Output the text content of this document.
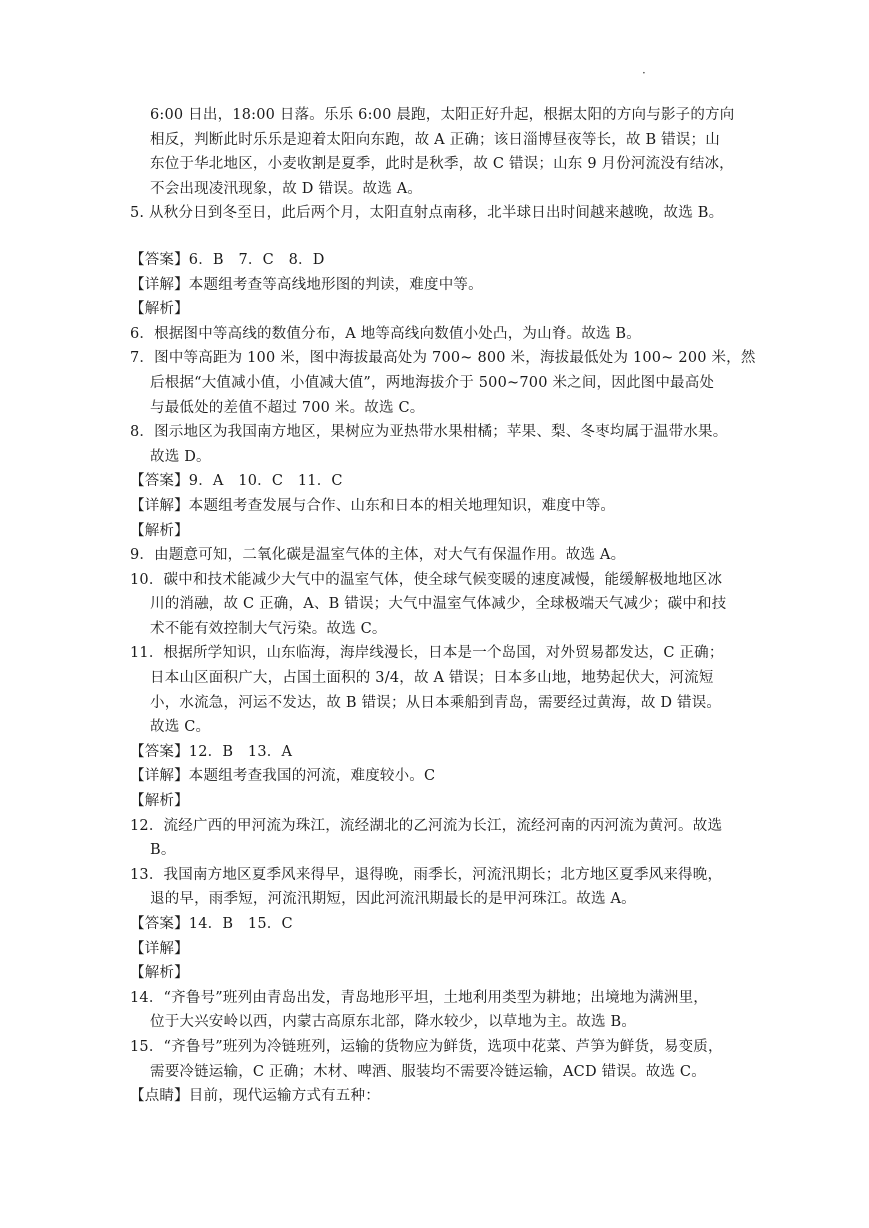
·
6:00 日出，18:00 日落。乐乐 6:00 晨跑，太阳正好升起，根据太阳的方向与影子的方向
相反，判断此时乐乐是迎着太阳向东跑，故 A 正确；该日淄博昼夜等长，故 B 错误；山
东位于华北地区，小麦收割是夏季，此时是秋季，故 C 错误；山东 9 月份河流没有结冰，
不会出现凌汛现象，故 D 错误。故选 A。
5. 从秋分日到冬至日，此后两个月，太阳直射点南移，北半球日出时间越来越晚，故选 B。
【答案】6．B　7．C　8．D
【详解】本题组考查等高线地形图的判读，难度中等。
【解析】
6．根据图中等高线的数值分布，A 地等高线向数值小处凸，为山脊。故选 B。
7．图中等高距为 100 米，图中海拔最高处为 700~ 800 米，海拔最低处为 100~ 200 米，然
后根据“大值减小值，小值减大值”，两地海拔介于 500~700 米之间，因此图中最高处
与最低处的差值不超过 700 米。故选 C。
8．图示地区为我国南方地区，果树应为亚热带水果柑橘；苹果、梨、冬枣均属于温带水果。
故选 D。
【答案】9．A　10．C　11．C
【详解】本题组考查发展与合作、山东和日本的相关地理知识，难度中等。
【解析】
9．由题意可知，二氧化碳是温室气体的主体，对大气有保温作用。故选 A。
10．碳中和技术能减少大气中的温室气体，使全球气候变暖的速度减慢，能缓解极地地区冰
川的消融，故 C 正确，A、B 错误；大气中温室气体减少，全球极端天气减少；碳中和技
术不能有效控制大气污染。故选 C。
11．根据所学知识，山东临海，海岸线漫长，日本是一个岛国，对外贸易都发达，C 正确；
日本山区面积广大，占国土面积的 3/4，故 A 错误；日本多山地，地势起伏大，河流短
小，水流急，河运不发达，故 B 错误；从日本乘船到青岛，需要经过黄海，故 D 错误。
故选 C。
【答案】12．B　13．A
【详解】本题组考查我国的河流，难度较小。C
【解析】
12．流经广西的甲河流为珠江，流经湖北的乙河流为长江，流经河南的丙河流为黄河。故选
B。
13．我国南方地区夏季风来得早，退得晚，雨季长，河流汛期长；北方地区夏季风来得晚，
退的早，雨季短，河流汛期短，因此河流汛期最长的是甲河珠江。故选 A。
【答案】14．B　15．C
【详解】
【解析】
14．“齐鲁号”班列由青岛出发，青岛地形平坦，土地利用类型为耕地；出境地为满洲里，
位于大兴安岭以西，内蒙古高原东北部，降水较少，以草地为主。故选 B。
15．“齐鲁号”班列为冷链班列，运输的货物应为鲜货，选项中花菜、芦笋为鲜货，易变质，
需要冷链运输，C 正确；木材、啤酒、服装均不需要冷链运输，ACD 错误。故选 C。
【点睛】目前，现代运输方式有五种：
